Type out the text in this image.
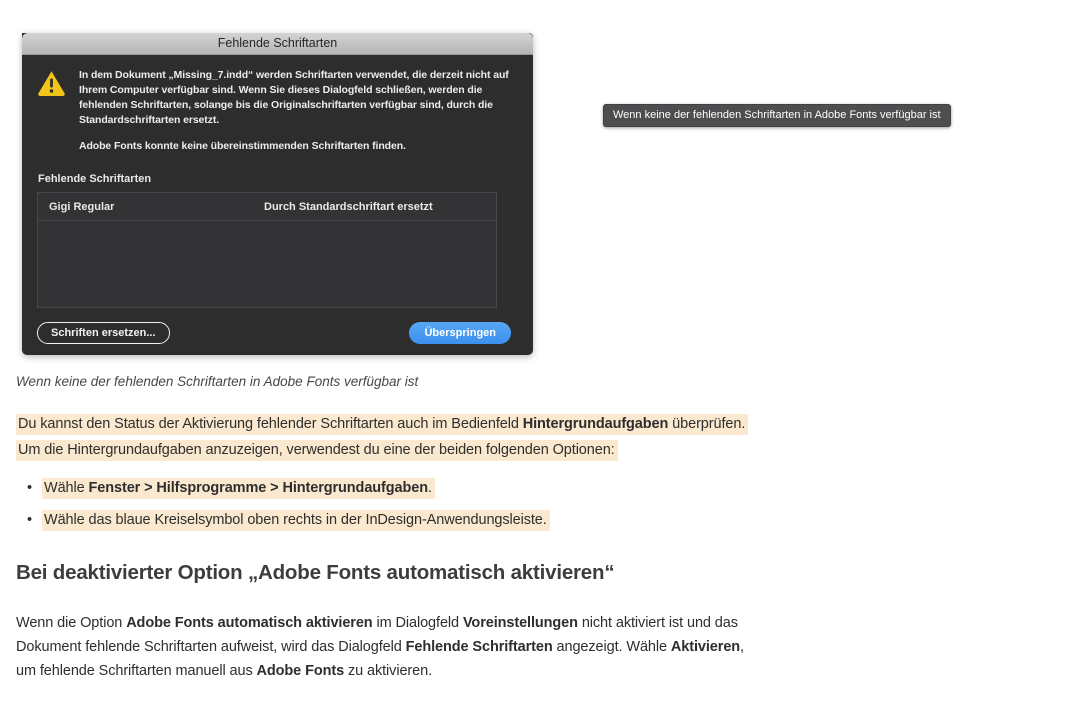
Fehlende Schriftarten
In dem Dokument „Missing_7.indd“ werden Schriftarten verwendet, die derzeit nicht auf Ihrem Computer verfügbar sind. Wenn Sie dieses Dialogfeld schließen, werden die fehlenden Schriftarten, solange bis die Originalschriftarten verfügbar sind, durch die Standardschriftarten ersetzt.
Adobe Fonts konnte keine übereinstimmenden Schriftarten finden.
Fehlende Schriftarten
Gigi Regular	Durch Standardschriftart ersetzt
Schriften ersetzen...	Überspringen
Wenn keine der fehlenden Schriftarten in Adobe Fonts verfügbar ist
Wenn keine der fehlenden Schriftarten in Adobe Fonts verfügbar ist
Du kannst den Status der Aktivierung fehlender Schriftarten auch im Bedienfeld Hintergrundaufgaben überprüfen.
Um die Hintergrundaufgaben anzuzeigen, verwendest du eine der beiden folgenden Optionen:
• Wähle Fenster > Hilfsprogramme > Hintergrundaufgaben.
• Wähle das blaue Kreiselsymbol oben rechts in der InDesign-Anwendungsleiste.
Bei deaktivierter Option „Adobe Fonts automatisch aktivieren“
Wenn die Option Adobe Fonts automatisch aktivieren im Dialogfeld Voreinstellungen nicht aktiviert ist und das
Dokument fehlende Schriftarten aufweist, wird das Dialogfeld Fehlende Schriftarten angezeigt. Wähle Aktivieren,
um fehlende Schriftarten manuell aus Adobe Fonts zu aktivieren.
